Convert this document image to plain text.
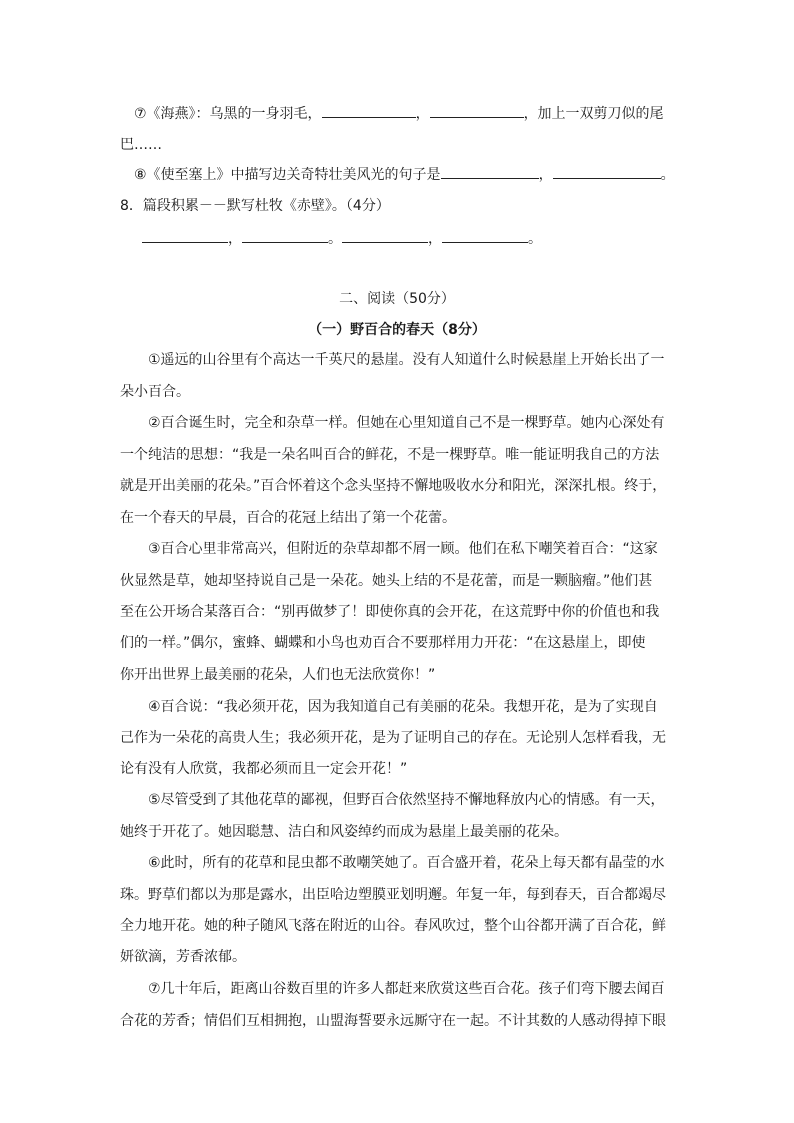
⑦《海燕》：乌黑的一身羽毛，	，	，加上一双剪刀似的尾
巴……
⑧《使至塞上》中描写边关奇特壮美风光的句子是	，	。
8．篇段积累－－默写杜牧《赤壁》。（4分）
，	。	，	。
二、阅读（50分）
（一）野百合的春天（8分）
①遥远的山谷里有个高达一千英尺的悬崖。没有人知道什么时候悬崖上开始长出了一
朵小百合。
②百合诞生时，完全和杂草一样。但她在心里知道自己不是一棵野草。她内心深处有
一个纯洁的思想：“我是一朵名叫百合的鲜花，不是一棵野草。唯一能证明我自己的方法
就是开出美丽的花朵。”百合怀着这个念头坚持不懈地吸收水分和阳光，深深扎根。终于，
在一个春天的早晨，百合的花冠上结出了第一个花蕾。
③百合心里非常高兴，但附近的杂草却都不屑一顾。他们在私下嘲笑着百合：“这家
伙显然是草，她却坚持说自己是一朵花。她头上结的不是花蕾，而是一颗脑瘤。”他们甚
至在公开场合某落百合：“别再做梦了！即使你真的会开花，在这荒野中你的价值也和我
们的一样。”偶尔，蜜蜂、蝴蝶和小鸟也劝百合不要那样用力开花：“在这悬崖上，即使
你开出世界上最美丽的花朵，人们也无法欣赏你！”
④百合说：“我必须开花，因为我知道自己有美丽的花朵。我想开花，是为了实现自
己作为一朵花的高贵人生；我必须开花，是为了证明自己的存在。无论别人怎样看我，无
论有没有人欣赏，我都必须而且一定会开花！”
⑤尽管受到了其他花草的鄙视，但野百合依然坚持不懈地释放内心的情感。有一天，
她终于开花了。她因聪慧、洁白和风姿绰约而成为悬崖上最美丽的花朵。
⑥此时，所有的花草和昆虫都不敢嘲笑她了。百合盛开着，花朵上每天都有晶莹的水
珠。野草们都以为那是露水，出臣哈边塑膜亚划明邂。年复一年，每到春天，百合都竭尽
全力地开花。她的种子随风飞落在附近的山谷。春风吹过，整个山谷都开满了百合花，鲜
妍欲滴，芳香浓郁。
⑦几十年后，距离山谷数百里的许多人都赶来欣赏这些百合花。孩子们弯下腰去闻百
合花的芳香；情侣们互相拥抱，山盟海誓要永远厮守在一起。不计其数的人感动得掉下眼
